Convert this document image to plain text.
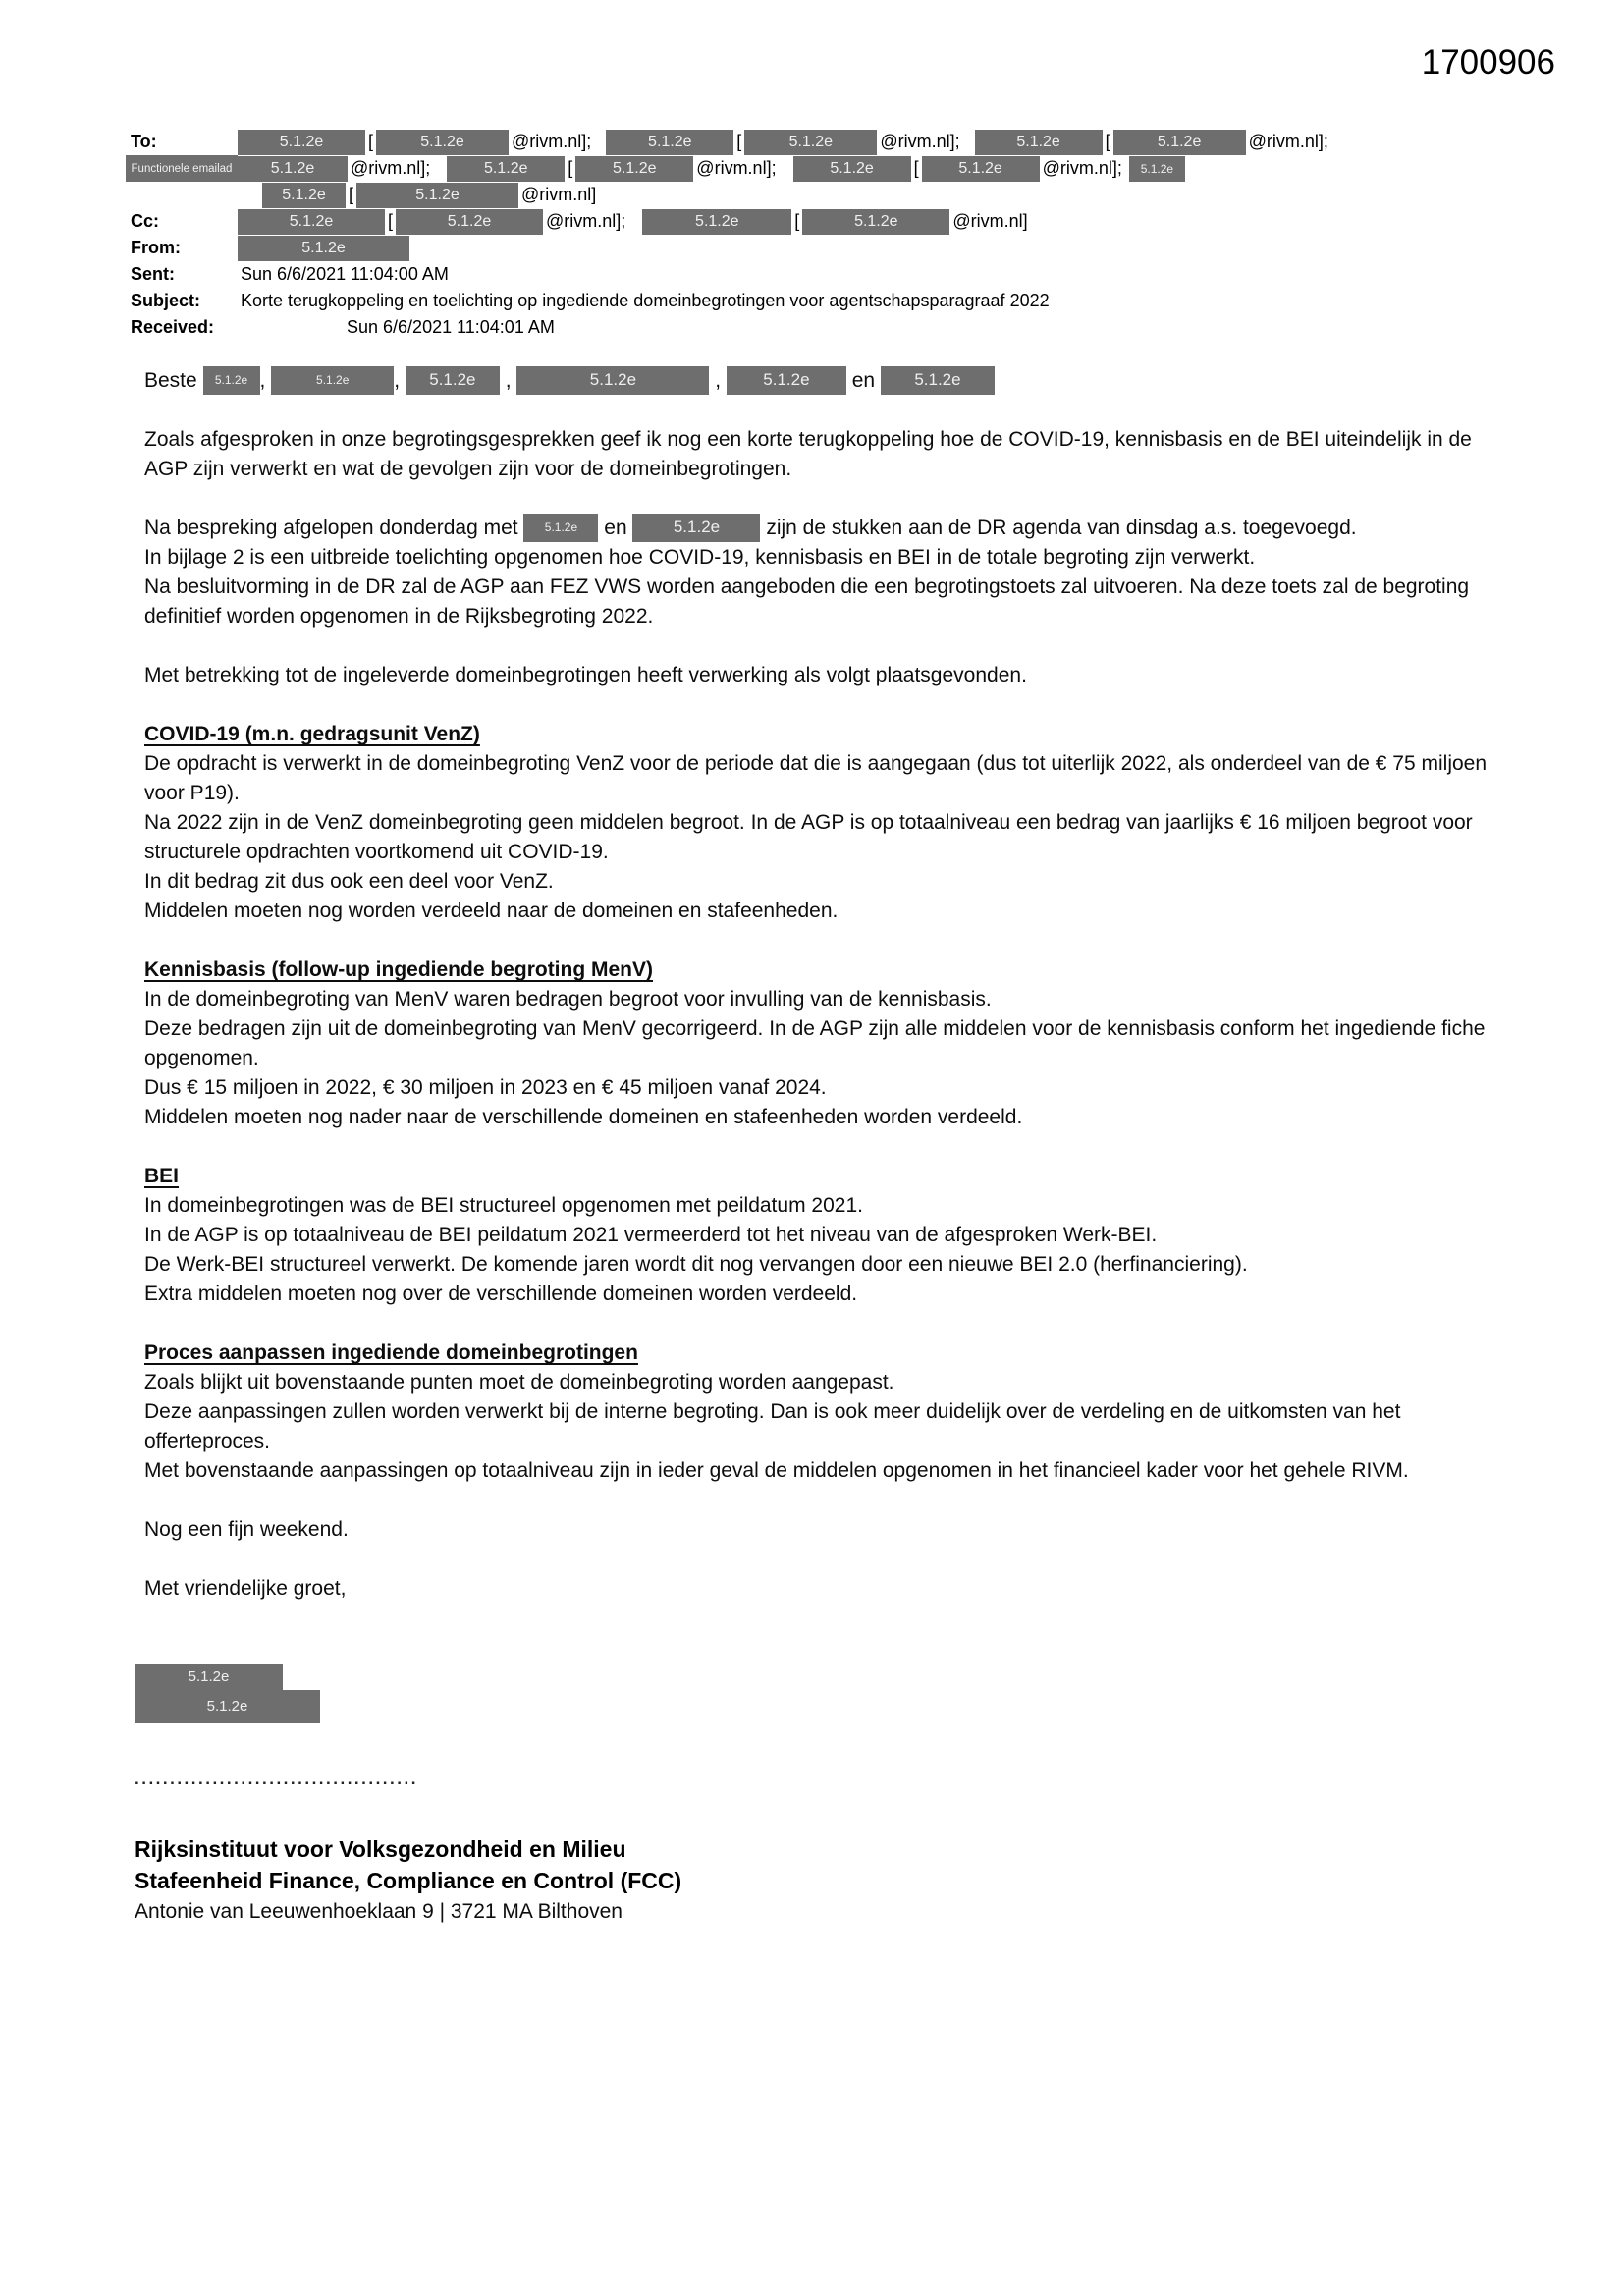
1700906
To:	5.1.2e	[	5.1.2e	@rivm.nl];	5.1.2e	[	5.1.2e	@rivm.nl];	5.1.2e	[	5.1.2e	@rivm.nl];
Functionele emailad	5.1.2e	@rivm.nl];	5.1.2e	[	5.1.2e	@rivm.nl];	5.1.2e	[	5.1.2e	@rivm.nl];	5.1.2e
5.1.2e	[	5.1.2e	@rivm.nl]
Cc:	5.1.2e	[	5.1.2e	@rivm.nl];	5.1.2e	[	5.1.2e	@rivm.nl]
From:	5.1.2e
Sent:	Sun 6/6/2021 11:04:00 AM
Subject:	Korte terugkoppeling en toelichting op ingediende domeinbegrotingen voor agentschapsparagraaf 2022
Received:	Sun 6/6/2021 11:04:01 AM
Beste 5.1.2e ,	5.1.2e , 5.1.2e ,	5.1.2e	, 5.1.2e en 5.1.2e
Zoals afgesproken in onze begrotingsgesprekken geef ik nog een korte terugkoppeling hoe de COVID-19, kennisbasis en de BEI uiteindelijk in de AGP zijn verwerkt en wat de gevolgen zijn voor de domeinbegrotingen.
Na bespreking afgelopen donderdag met 5.1.2e en 5.1.2e zijn de stukken aan de DR agenda van dinsdag a.s. toegevoegd.
In bijlage 2 is een uitbreide toelichting opgenomen hoe COVID-19, kennisbasis en BEI in de totale begroting zijn verwerkt.
Na besluitvorming in de DR zal de AGP aan FEZ VWS worden aangeboden die een begrotingstoets zal uitvoeren. Na deze toets zal de begroting definitief worden opgenomen in de Rijksbegroting 2022.
Met betrekking tot de ingeleverde domeinbegrotingen heeft verwerking als volgt plaatsgevonden.
COVID-19 (m.n. gedragsunit VenZ)
De opdracht is verwerkt in de domeinbegroting VenZ voor de periode dat die is aangegaan (dus tot uiterlijk 2022, als onderdeel van de € 75 miljoen voor P19).
Na 2022 zijn in de VenZ domeinbegroting geen middelen begroot. In de AGP is op totaalniveau een bedrag van jaarlijks € 16 miljoen begroot voor structurele opdrachten voortkomend uit COVID-19.
In dit bedrag zit dus ook een deel voor VenZ.
Middelen moeten nog worden verdeeld naar de domeinen en stafeenheden.
Kennisbasis (follow-up ingediende begroting MenV)
In de domeinbegroting van MenV waren bedragen begroot voor invulling van de kennisbasis.
Deze bedragen zijn uit de domeinbegroting van MenV gecorrigeerd. In de AGP zijn alle middelen voor de kennisbasis conform het ingediende fiche opgenomen.
Dus € 15 miljoen in 2022, € 30 miljoen in 2023 en € 45 miljoen vanaf 2024.
Middelen moeten nog nader naar de verschillende domeinen en stafeenheden worden verdeeld.
BEI
In domeinbegrotingen was de BEI structureel opgenomen met peildatum 2021.
In de AGP is op totaalniveau de BEI peildatum 2021 vermeerderd tot het niveau van de afgesproken Werk-BEI.
De Werk-BEI structureel verwerkt. De komende jaren wordt dit nog vervangen door een nieuwe BEI 2.0 (herfinanciering).
Extra middelen moeten nog over de verschillende domeinen worden verdeeld.
Proces aanpassen ingediende domeinbegrotingen
Zoals blijkt uit bovenstaande punten moet de domeinbegroting worden aangepast.
Deze aanpassingen zullen worden verwerkt bij de interne begroting. Dan is ook meer duidelijk over de verdeling en de uitkomsten van het offerteproces.
Met bovenstaande aanpassingen op totaalniveau zijn in ieder geval de middelen opgenomen in het financieel kader voor het gehele RIVM.
Nog een fijn weekend.
Met vriendelijke groet,
5.1.2e
5.1.2e
........................................
Rijksinstituut voor Volksgezondheid en Milieu
Stafeenheid Finance, Compliance en Control (FCC)
Antonie van Leeuwenhoeklaan 9 | 3721 MA Bilthoven
